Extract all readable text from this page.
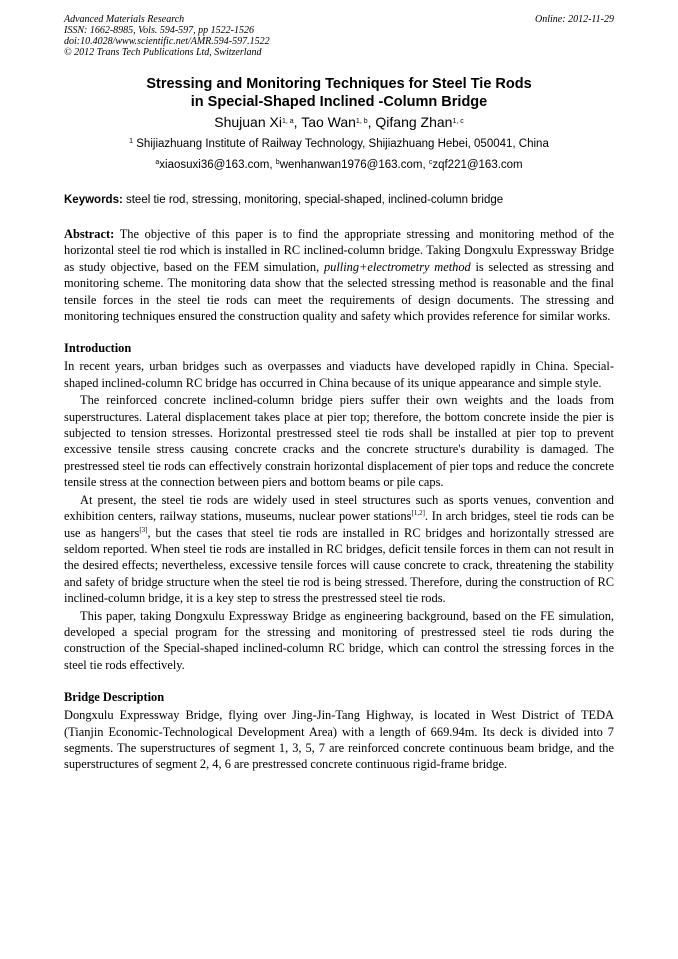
Advanced Materials Research
ISSN: 1662-8985, Vols. 594-597, pp 1522-1526
doi:10.4028/www.scientific.net/AMR.594-597.1522
© 2012 Trans Tech Publications Ltd, Switzerland
Online: 2012-11-29
Stressing and Monitoring Techniques for Steel Tie Rods
in Special-Shaped Inclined -Column Bridge
Shujuan Xi$^{1, a}$, Tao Wan$^{1, b}$, Qifang Zhan$^{1, c}$
$^1$ Shijiazhuang Institute of Railway Technology, Shijiazhuang Hebei, 050041, China
$^a$xiaosuxi36@163.com, $^b$wenhanwan1976@163.com, $^c$zqf221@163.com
Keywords: steel tie rod, stressing, monitoring, special-shaped, inclined-column bridge
Abstract: The objective of this paper is to find the appropriate stressing and monitoring method of the horizontal steel tie rod which is installed in RC inclined-column bridge. Taking Dongxulu Expressway Bridge as study objective, based on the FEM simulation, pulling+electrometry method is selected as stressing and monitoring scheme. The monitoring data show that the selected stressing method is reasonable and the final tensile forces in the steel tie rods can meet the requirements of design documents. The stressing and monitoring techniques ensured the construction quality and safety which provides reference for similar works.
Introduction

In recent years, urban bridges such as overpasses and viaducts have developed rapidly in China. Special-shaped inclined-column RC bridge has occurred in China because of its unique appearance and simple style.

The reinforced concrete inclined-column bridge piers suffer their own weights and the loads from superstructures. Lateral displacement takes place at pier top; therefore, the bottom concrete inside the pier is subjected to tension stresses. Horizontal prestressed steel tie rods shall be installed at pier top to prevent excessive tensile stress causing concrete cracks and the concrete structure's durability is damaged. The prestressed steel tie rods can effectively constrain horizontal displacement of pier tops and reduce the concrete tensile stress at the connection between piers and bottom beams or pile caps.

At present, the steel tie rods are widely used in steel structures such as sports venues, convention and exhibition centers, railway stations, museums, nuclear power stations[1,2]. In arch bridges, steel tie rods can be use as hangers[3], but the cases that steel tie rods are installed in RC bridges and horizontally stressed are seldom reported. When steel tie rods are installed in RC bridges, deficit tensile forces in them can not result in the desired effects; nevertheless, excessive tensile forces will cause concrete to crack, threatening the stability and safety of bridge structure when the steel tie rod is being stressed. Therefore, during the construction of RC inclined-column bridge, it is a key step to stress the prestressed steel tie rods.

This paper, taking Dongxulu Expressway Bridge as engineering background, based on the FE simulation, developed a special program for the stressing and monitoring of prestressed steel tie rods during the construction of the Special-shaped inclined-column RC bridge, which can control the stressing forces in the steel tie rods effectively.

Bridge Description

Dongxulu Expressway Bridge, flying over Jing-Jin-Tang Highway, is located in West District of TEDA (Tianjin Economic-Technological Development Area) with a length of 669.94m. Its deck is divided into 7 segments. The superstructures of segment 1, 3, 5, 7 are reinforced concrete continuous beam bridge, and the superstructures of segment 2, 4, 6 are prestressed concrete continuous rigid-frame bridge.
